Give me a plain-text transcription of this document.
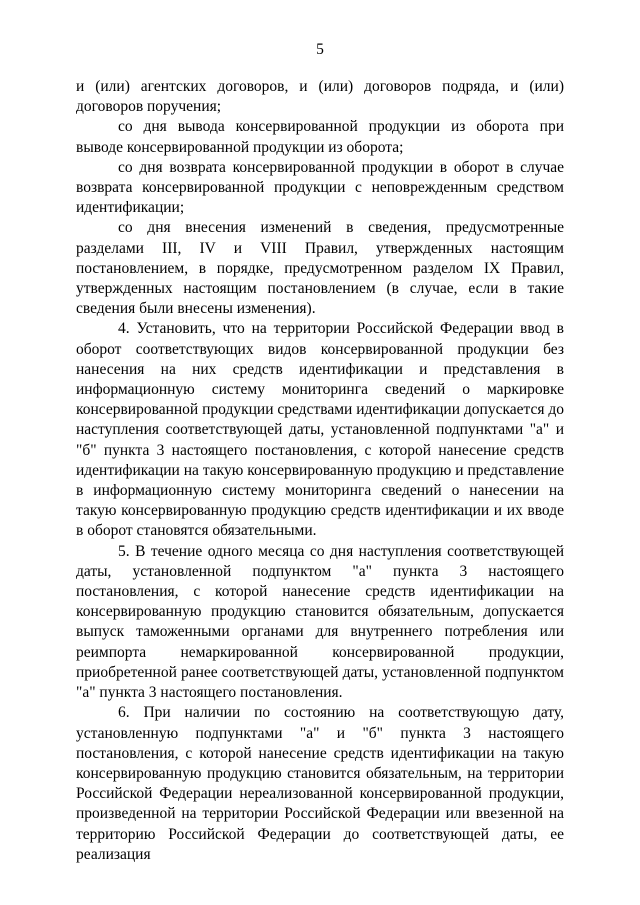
5

и (или) агентских договоров, и (или) договоров подряда, и (или) договоров поручения;

со дня вывода консервированной продукции из оборота при выводе консервированной продукции из оборота;

со дня возврата консервированной продукции в оборот в случае возврата консервированной продукции с неповрежденным средством идентификации;

со дня внесения изменений в сведения, предусмотренные разделами III, IV и VIII Правил, утвержденных настоящим постановлением, в порядке, предусмотренном разделом IX Правил, утвержденных настоящим постановлением (в случае, если в такие сведения были внесены изменения).

4. Установить, что на территории Российской Федерации ввод в оборот соответствующих видов консервированной продукции без нанесения на них средств идентификации и представления в информационную систему мониторинга сведений о маркировке консервированной продукции средствами идентификации допускается до наступления соответствующей даты, установленной подпунктами "а" и "б" пункта 3 настоящего постановления, с которой нанесение средств идентификации на такую консервированную продукцию и представление в информационную систему мониторинга сведений о нанесении на такую консервированную продукцию средств идентификации и их вводе в оборот становятся обязательными.

5. В течение одного месяца со дня наступления соответствующей даты, установленной подпунктом "а" пункта 3 настоящего постановления, с которой нанесение средств идентификации на консервированную продукцию становится обязательным, допускается выпуск таможенными органами для внутреннего потребления или реимпорта немаркированной консервированной продукции, приобретенной ранее соответствующей даты, установленной подпунктом "а" пункта 3 настоящего постановления.

6. При наличии по состоянию на соответствующую дату, установленную подпунктами "а" и "б" пункта 3 настоящего постановления, с которой нанесение средств идентификации на такую консервированную продукцию становится обязательным, на территории Российской Федерации нереализованной консервированной продукции, произведенной на территории Российской Федерации или ввезенной на территорию Российской Федерации до соответствующей даты, ее реализация
